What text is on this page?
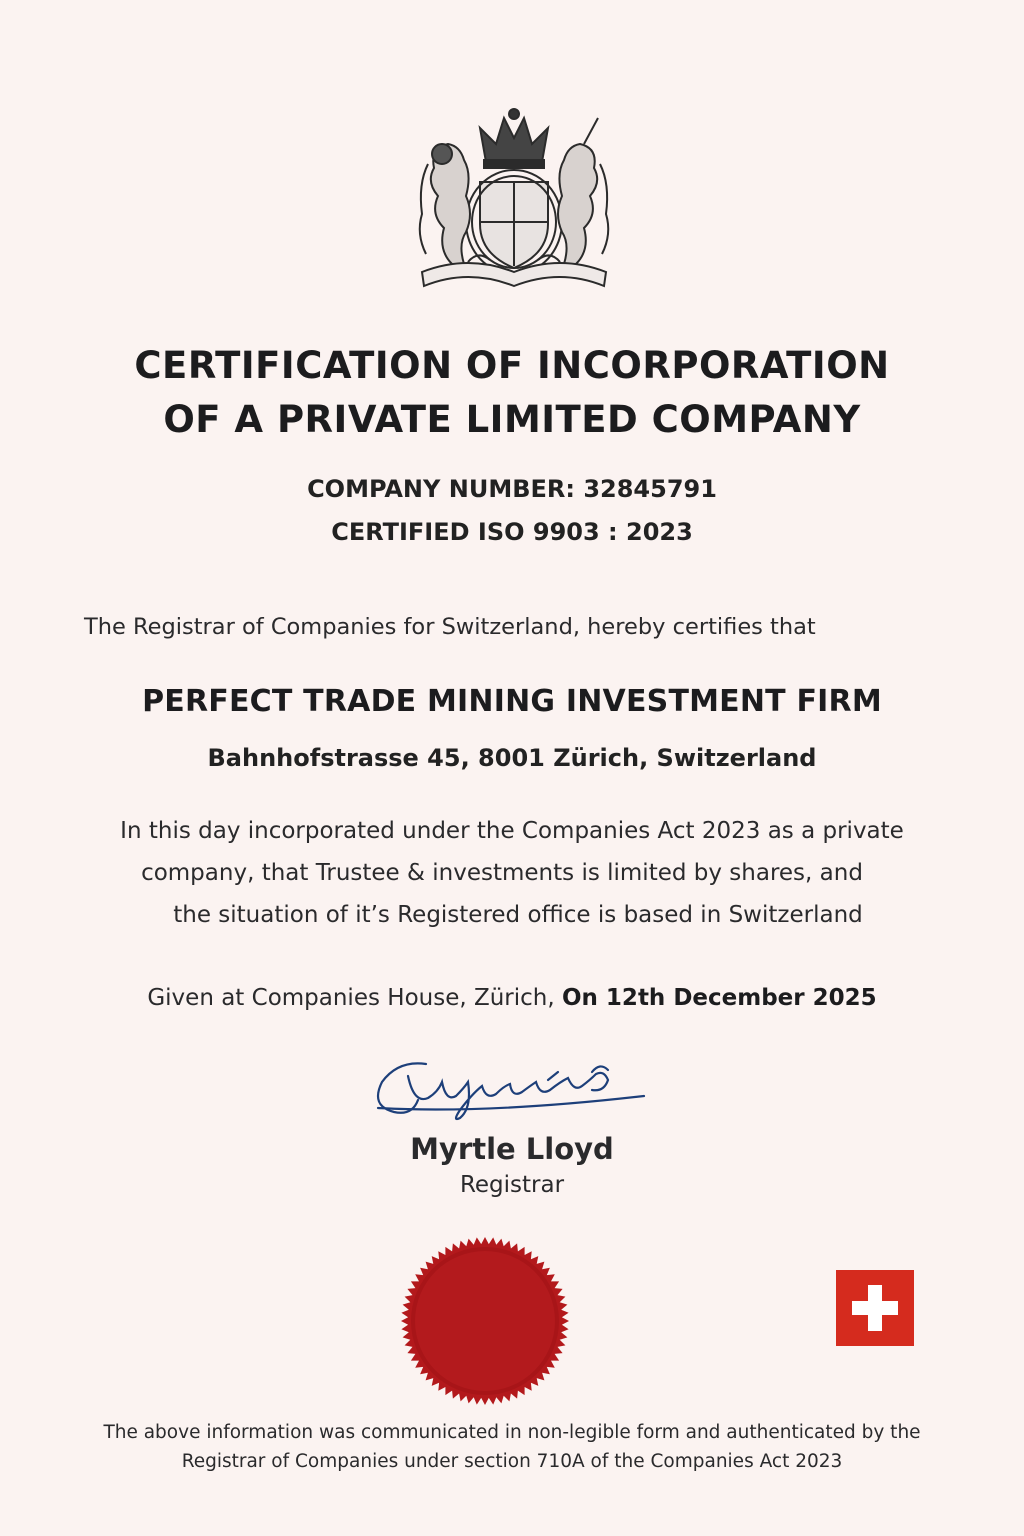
CERTIFICATION OF INCORPORATION
OF A PRIVATE LIMITED COMPANY
COMPANY NUMBER: 32845791
CERTIFIED ISO 9903 : 2023
The Registrar of Companies for Switzerland, hereby certifies that
PERFECT TRADE MINING INVESTMENT FIRM
Bahnhofstrasse 45, 8001 Zürich, Switzerland
In this day incorporated under the Companies Act 2023 as a private
company, that Trustee & investments is limited by shares, and
the situation of it’s Registered office is based in Switzerland
Given at Companies House, Zürich, On 12th December 2025
Myrtle Lloyd
Registrar
The above information was communicated in non-legible form and authenticated by the
Registrar of Companies under section 710A of the Companies Act 2023
